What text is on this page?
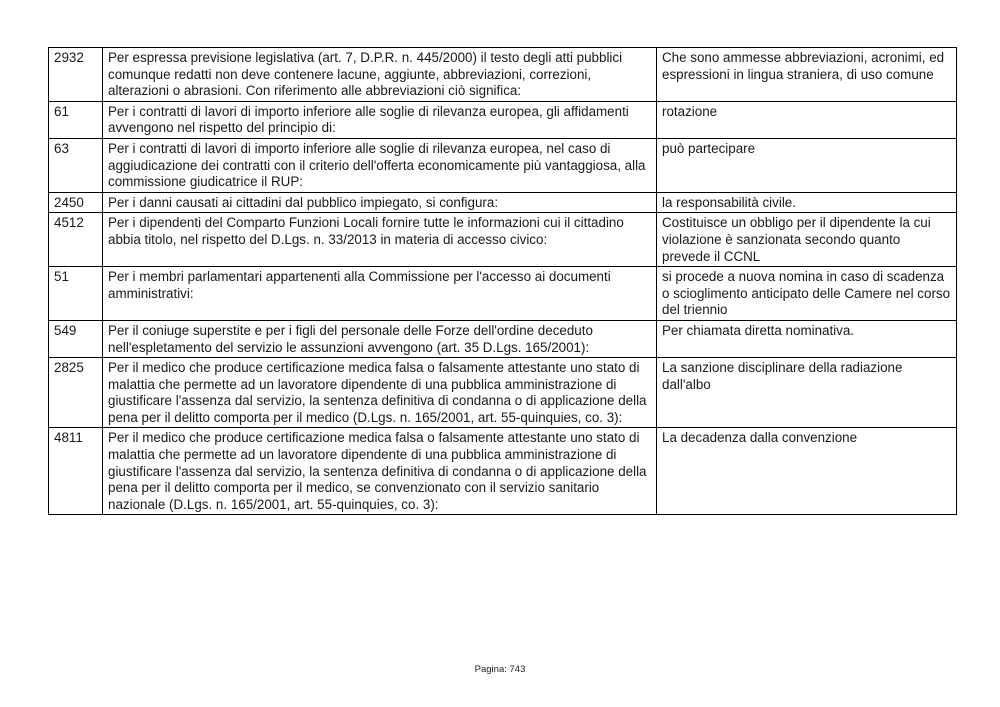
2932	Per espressa previsione legislativa (art. 7, D.P.R. n. 445/2000) il testo degli atti pubblici comunque redatti non deve contenere lacune, aggiunte, abbreviazioni, correzioni, alterazioni o abrasioni. Con riferimento alle abbreviazioni ciò significa:	Che sono ammesse abbreviazioni, acronimi, ed espressioni in lingua straniera, di uso comune
61	Per i contratti di lavori di importo inferiore alle soglie di rilevanza europea, gli affidamenti avvengono nel rispetto del principio di:	rotazione
63	Per i contratti di lavori di importo inferiore alle soglie di rilevanza europea, nel caso di aggiudicazione dei contratti con il criterio dell'offerta economicamente più vantaggiosa, alla commissione giudicatrice il RUP:	può partecipare
2450	Per i danni causati ai cittadini dal pubblico impiegato, si configura:	la responsabilità civile.
4512	Per i dipendenti del Comparto Funzioni Locali fornire tutte le informazioni cui il cittadino abbia titolo, nel rispetto del D.Lgs. n. 33/2013 in materia di accesso civico:	Costituisce un obbligo per il dipendente la cui violazione è sanzionata secondo quanto prevede il CCNL
51	Per i membri parlamentari appartenenti alla Commissione per l'accesso ai documenti amministrativi:	si procede a nuova nomina in caso di scadenza o scioglimento anticipato delle Camere nel corso del triennio
549	Per il coniuge superstite e per i figli del personale delle Forze dell'ordine deceduto nell'espletamento del servizio le assunzioni avvengono (art. 35 D.Lgs. 165/2001):	Per chiamata diretta nominativa.
2825	Per il medico che produce certificazione medica falsa o falsamente attestante uno stato di malattia che permette ad un lavoratore dipendente di una pubblica amministrazione di giustificare l'assenza dal servizio, la sentenza definitiva di condanna o di applicazione della pena per il delitto comporta per il medico (D.Lgs. n. 165/2001, art. 55-quinquies, co. 3):	La sanzione disciplinare della radiazione dall'albo
4811	Per il medico che produce certificazione medica falsa o falsamente attestante uno stato di malattia che permette ad un lavoratore dipendente di una pubblica amministrazione di giustificare l'assenza dal servizio, la sentenza definitiva di condanna o di applicazione della pena per il delitto comporta per il medico, se convenzionato con il servizio sanitario nazionale (D.Lgs. n. 165/2001, art. 55-quinquies, co. 3):	La decadenza dalla convenzione
Pagina: 743
